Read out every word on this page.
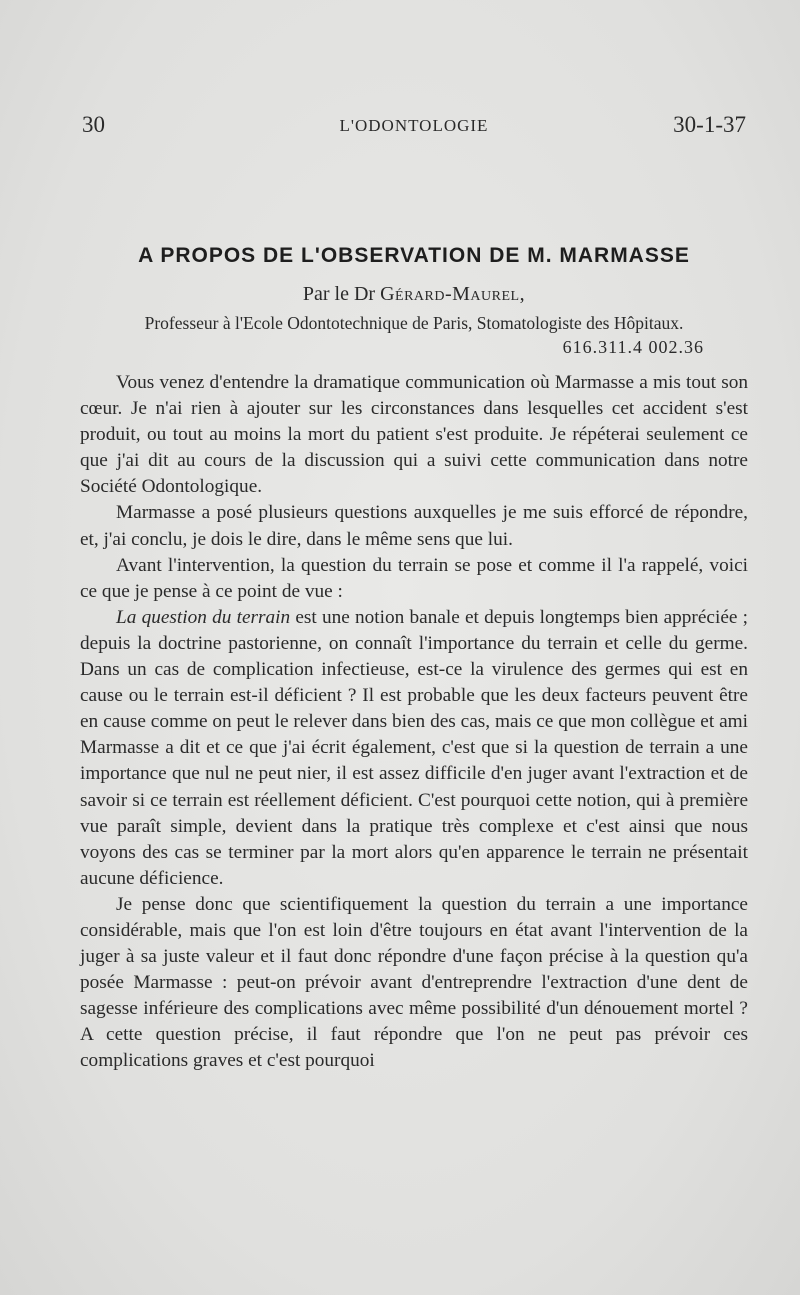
30	L'ODONTOLOGIE	30-1-37
A PROPOS DE L'OBSERVATION DE M. MARMASSE
Par le Dr Gérard-Maurel,
Professeur à l'Ecole Odontotechnique de Paris, Stomatologiste des Hôpitaux.
616.311.4 002.36

Vous venez d'entendre la dramatique communication où Marmasse a mis tout son cœur. Je n'ai rien à ajouter sur les circonstances dans lesquelles cet accident s'est produit, ou tout au moins la mort du patient s'est produite. Je répéterai seulement ce que j'ai dit au cours de la discussion qui a suivi cette communication dans notre Société Odontologique.

Marmasse a posé plusieurs questions auxquelles je me suis efforcé de répondre, et, j'ai conclu, je dois le dire, dans le même sens que lui.

Avant l'intervention, la question du terrain se pose et comme il l'a rappelé, voici ce que je pense à ce point de vue :

La question du terrain est une notion banale et depuis longtemps bien appréciée ; depuis la doctrine pastorienne, on connaît l'importance du terrain et celle du germe. Dans un cas de complication infectieuse, est-ce la virulence des germes qui est en cause ou le terrain est-il déficient ? Il est probable que les deux facteurs peuvent être en cause comme on peut le relever dans bien des cas, mais ce que mon collègue et ami Marmasse a dit et ce que j'ai écrit également, c'est que si la question de terrain a une importance que nul ne peut nier, il est assez difficile d'en juger avant l'extraction et de savoir si ce terrain est réellement déficient. C'est pourquoi cette notion, qui à première vue paraît simple, devient dans la pratique très complexe et c'est ainsi que nous voyons des cas se terminer par la mort alors qu'en apparence le terrain ne présentait aucune déficience.

Je pense donc que scientifiquement la question du terrain a une importance considérable, mais que l'on est loin d'être toujours en état avant l'intervention de la juger à sa juste valeur et il faut donc répondre d'une façon précise à la question qu'a posée Marmasse : peut-on prévoir avant d'entreprendre l'extraction d'une dent de sagesse inférieure des complications avec même possibilité d'un dénouement mortel ? A cette question précise, il faut répondre que l'on ne peut pas prévoir ces complications graves et c'est pourquoi
